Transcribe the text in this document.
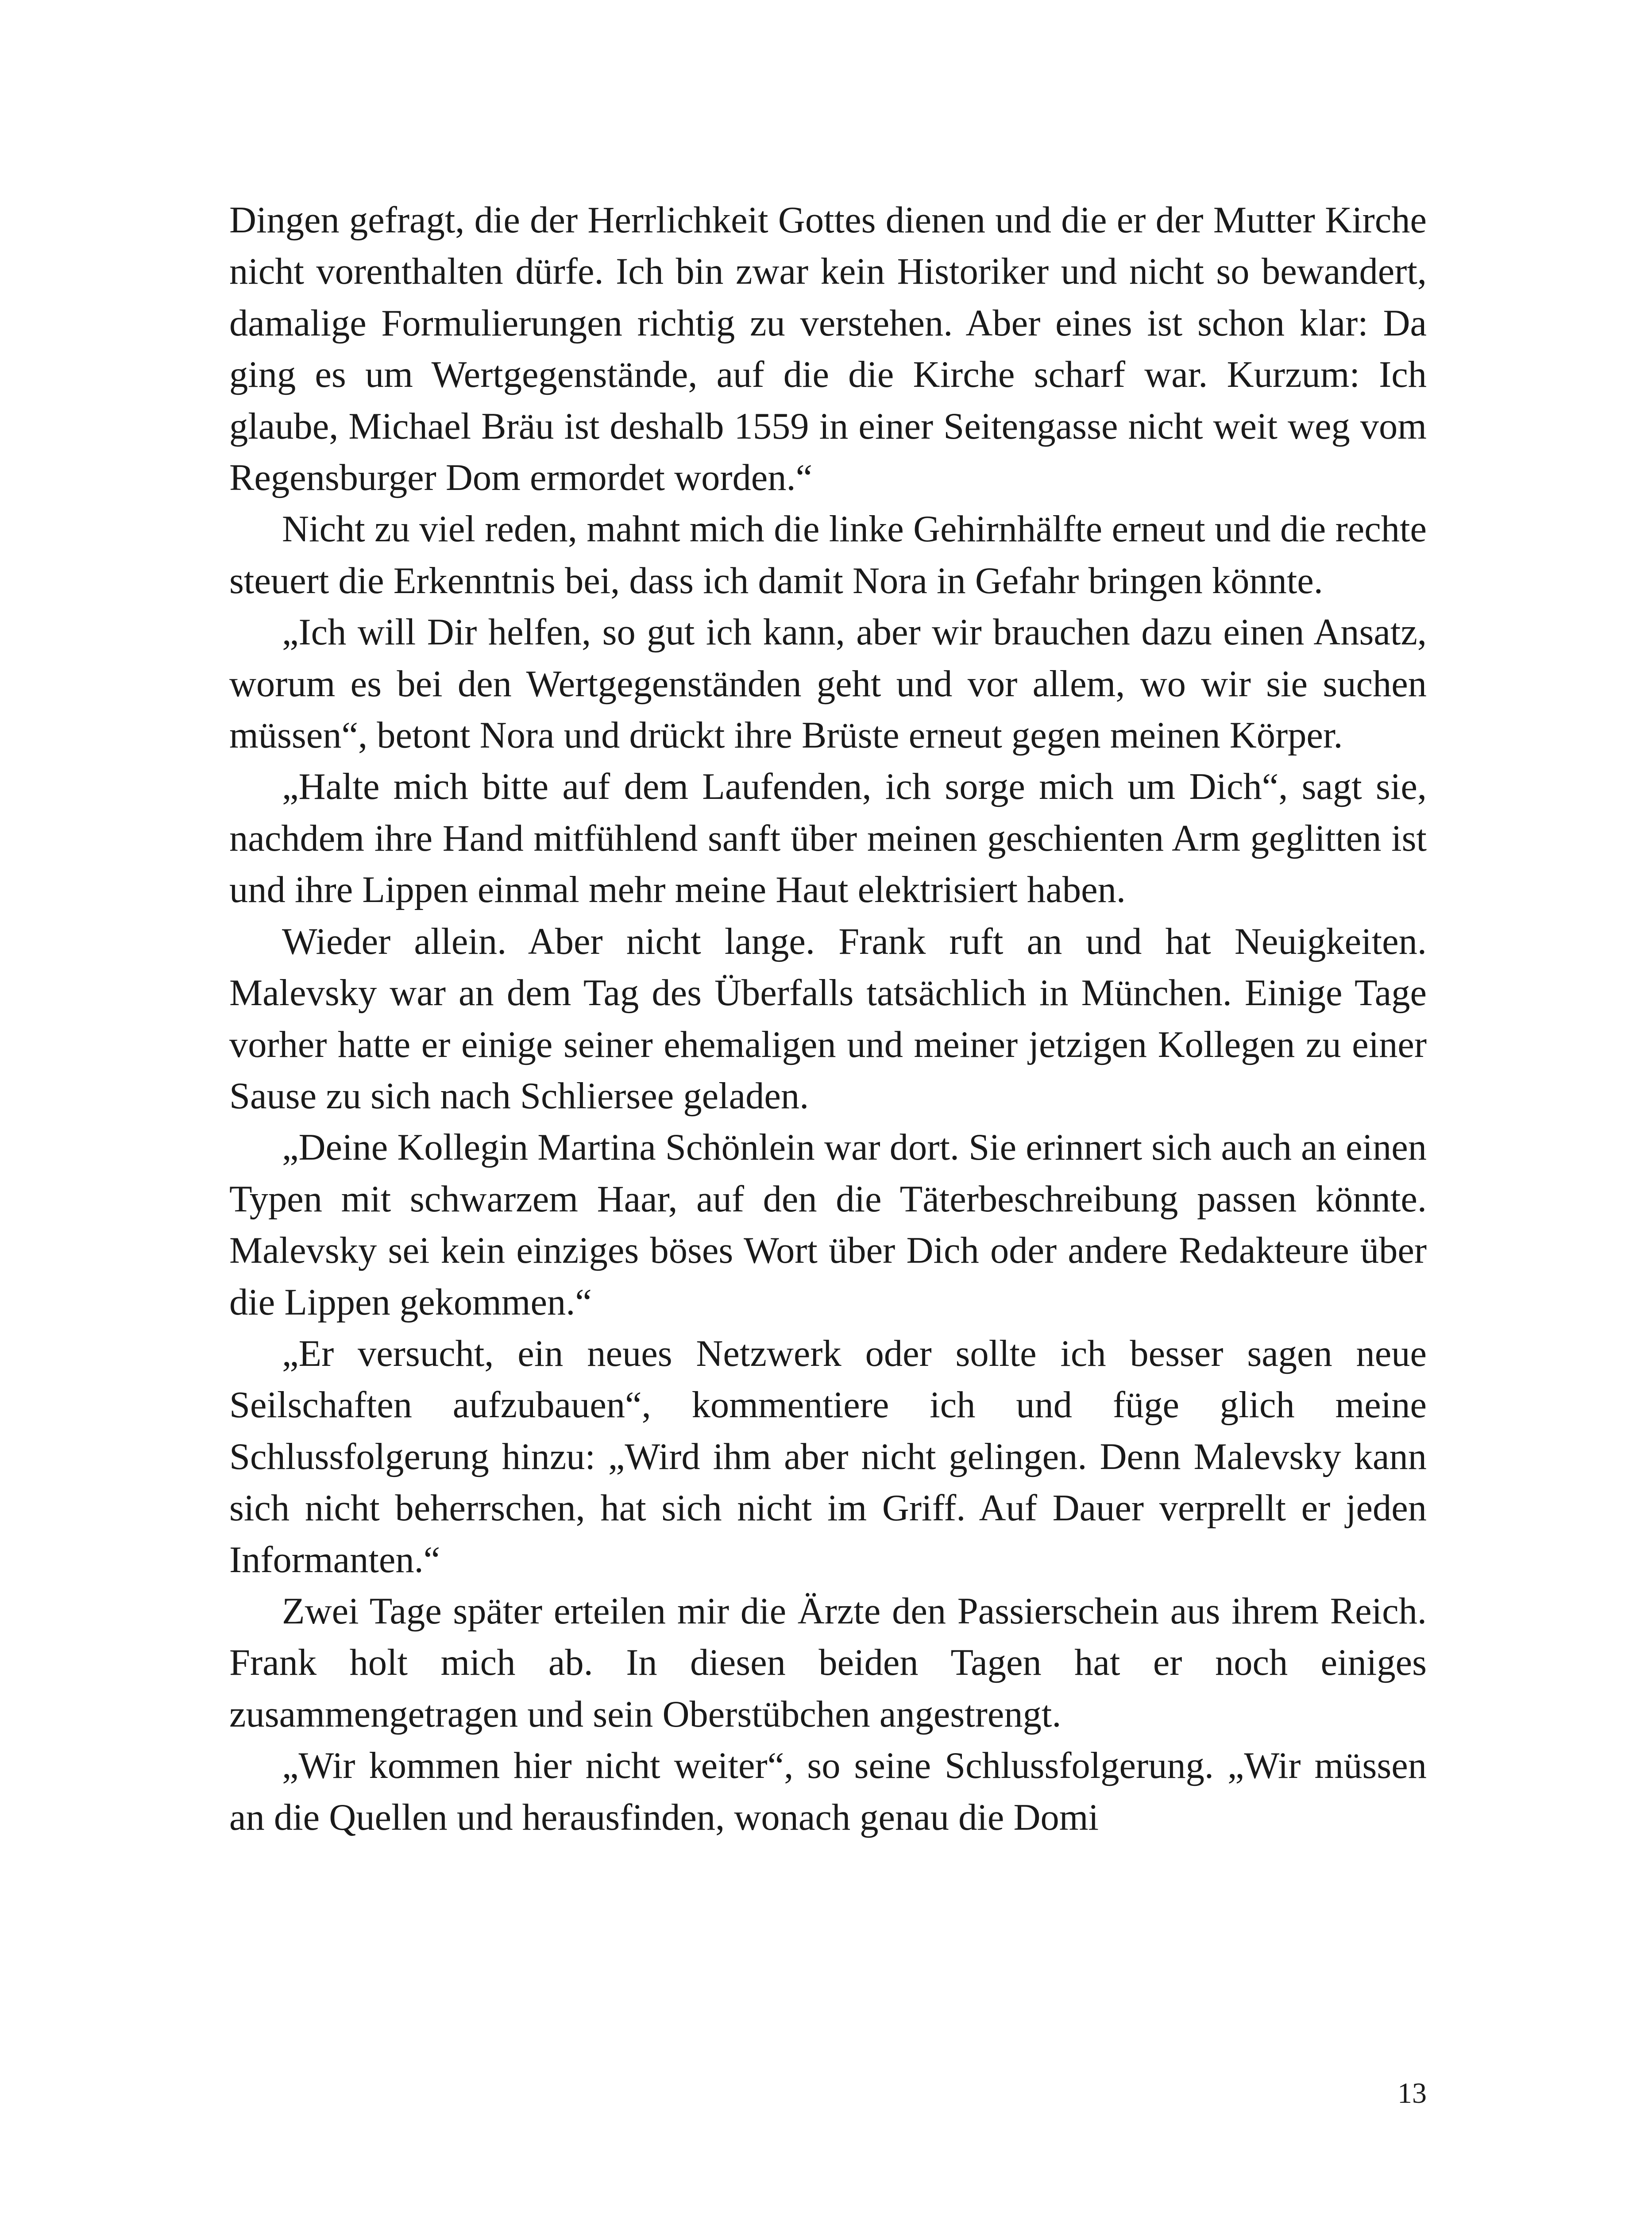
Dingen gefragt, die der Herrlichkeit Gottes dienen und die er der Mutter Kirche nicht vorenthalten dürfe. Ich bin zwar kein Historiker und nicht so bewandert, damalige Formulierungen richtig zu verstehen. Aber eines ist schon klar: Da ging es um Wertgegenstände, auf die die Kirche scharf war. Kurzum: Ich glaube, Michael Bräu ist deshalb 1559 in einer Seitengasse nicht weit weg vom Regensburger Dom ermordet worden.“

Nicht zu viel reden, mahnt mich die linke Gehirnhälfte erneut und die rechte steuert die Erkenntnis bei, dass ich damit Nora in Gefahr bringen könnte.

„Ich will Dir helfen, so gut ich kann, aber wir brauchen dazu einen Ansatz, worum es bei den Wertgegenständen geht und vor allem, wo wir sie suchen müssen“, betont Nora und drückt ihre Brüste erneut gegen meinen Körper.

„Halte mich bitte auf dem Laufenden, ich sorge mich um Dich“, sagt sie, nachdem ihre Hand mitfühlend sanft über meinen geschienten Arm geglitten ist und ihre Lippen einmal mehr meine Haut elektrisiert haben.

Wieder allein. Aber nicht lange. Frank ruft an und hat Neuigkeiten. Malevsky war an dem Tag des Überfalls tatsächlich in München. Einige Tage vorher hatte er einige seiner ehemaligen und meiner jetzigen Kollegen zu einer Sause zu sich nach Schliersee geladen.

„Deine Kollegin Martina Schönlein war dort. Sie erinnert sich auch an einen Typen mit schwarzem Haar, auf den die Täterbeschreibung passen könnte. Malevsky sei kein einziges böses Wort über Dich oder andere Redakteure über die Lippen gekommen.“

„Er versucht, ein neues Netzwerk oder sollte ich besser sagen neue Seilschaften aufzubauen“, kommentiere ich und füge glich meine Schlussfolgerung hinzu: „Wird ihm aber nicht gelingen. Denn Malevsky kann sich nicht beherrschen, hat sich nicht im Griff. Auf Dauer verprellt er jeden Informanten.“

Zwei Tage später erteilen mir die Ärzte den Passierschein aus ihrem Reich. Frank holt mich ab. In diesen beiden Tagen hat er noch einiges zusammengetragen und sein Oberstübchen angestrengt.

„Wir kommen hier nicht weiter“, so seine Schlussfolgerung. „Wir müssen an die Quellen und herausfinden, wonach genau die Domi

13
